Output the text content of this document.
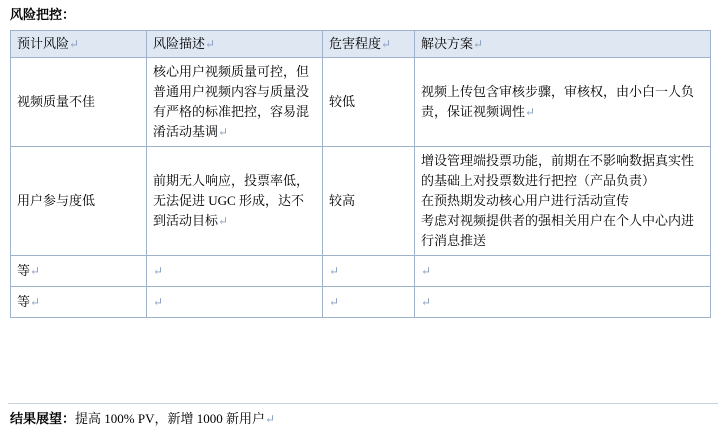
风险把控：
预计风险↵	风险描述↵	危害程度↵	解决方案↵
视频质量不佳	核心用户视频质量可控，但普通用户视频内容与质量没有严格的标准把控，容易混淆活动基调↵	较低	视频上传包含审核步骤，审核权，由小白一人负责，保证视频调性↵
用户参与度低	前期无人响应，投票率低，无法促进 UGC 形成，达不到活动目标↵	较高	增设管理端投票功能，前期在不影响数据真实性的基础上对投票数进行把控（产品负责）
在预热期发动核心用户进行活动宣传
考虑对视频提供者的强相关用户在个人中心内进行消息推送

等↵	↵	↵	↵
等↵	↵	↵	↵
结果展望：提高 100% PV，新增 1000 新用户↵
